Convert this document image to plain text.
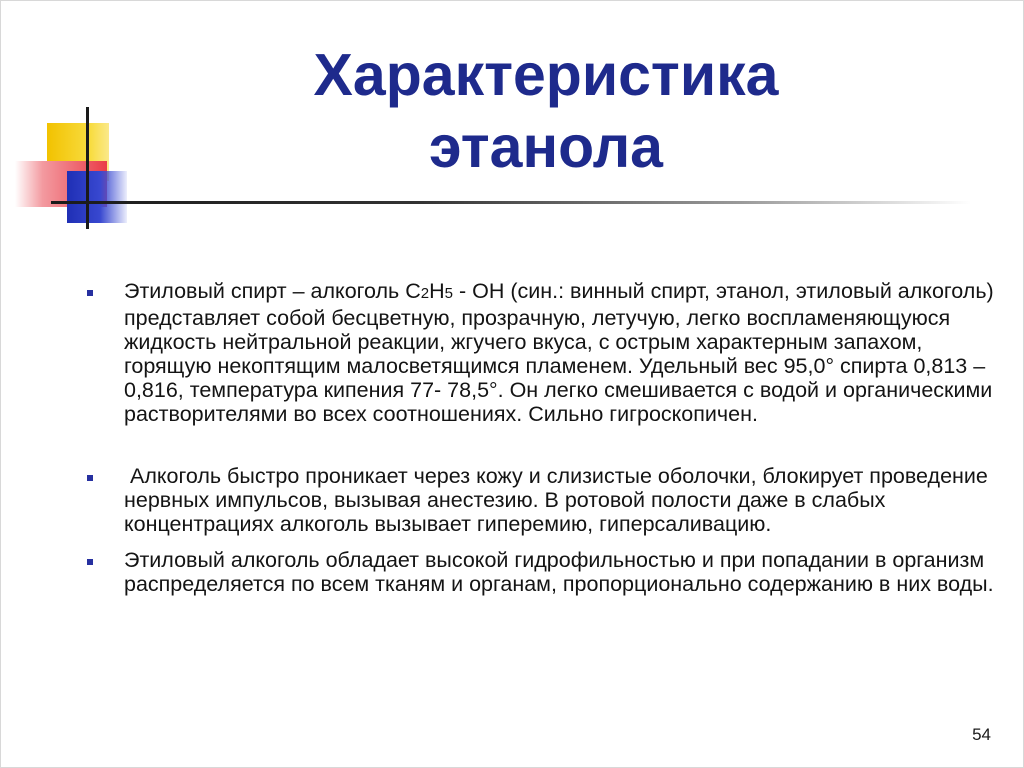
Характеристика
этанола
Этиловый спирт – алкоголь С2Н5 - ОН (син.: винный спирт, этанол, этиловый алкоголь) представляет собой бесцветную, прозрачную, летучую, легко воспламеняющуюся жидкость нейтральной реакции, жгучего вкуса, с острым характерным запахом, горящую некоптящим малосветящимся пламенем. Удельный вес 95,0° спирта 0,813 – 0,816, температура кипения 77- 78,5°. Он легко смешивается с водой и органическими растворителями во всех соотношениях. Сильно гигроскопичен.
Алкоголь быстро проникает через кожу и слизистые оболочки, блокирует проведение нервных импульсов, вызывая анестезию. В ротовой полости даже в слабых концентрациях алкоголь вызывает гиперемию, гиперсаливацию.
Этиловый алкоголь обладает высокой гидрофильностью и при попадании в организм распределяется по всем тканям и органам, пропорционально содержанию в них воды.
54
